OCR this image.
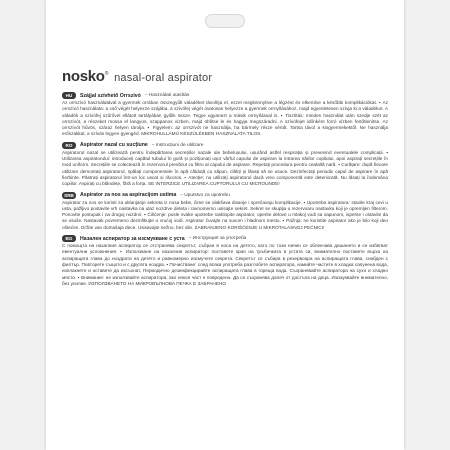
nosko® nasal-oral aspirator
HU	Szájjal szívhető Orrszívó – Használati utasítás

Az orrszívó használatával a gyermek orrában összegyűlt váladéket távolítja el, ezzel megkönnyítve a légzést és elkerülve a későbbi komplikációkat. ▪ Az orrszívó használata: a cső végét helyezze szájába, a szívófej végét óvatosan helyezze a gyermek orrnyílásához, majd egyenletesen szívja ki a váladékot. A váladék a szívófej szűrővel ellátott tartályában gyűlik össze. Tegye ugyanezt a másik orrnyílással is. ▪ Tisztítás: minden használat után szedje szét az orrszívót, a részeket mossa el langyos, szappanos vízben, majd öblítse le és hagyja megszáradni. A szívófejet időnként forró vízben fertőtlenítse. Az orrszívót hűvös, száraz helyen tárolja. ▪ Figyelem: az orrszívót ne használja, ha bármely része sérült. Tartsa távol a kisgyermekektől. Ne használja erőszakkal, a szívás legyen gyengéd. MIKROHULLÁMÚ KÉSZÜLÉKBEN HASZNÁLATA TILOS.

RO	Aspirator nazal cu sucțiune – Instrucțiuni de utilizare

Aspiratorul nazal se utilizează pentru îndepărtarea secrețiilor nazale ale bebelușului, ușurând astfel respirația și prevenind eventualele complicații. ▪ Utilizarea aspiratorului: introduceți capătul tubului în gură și poziționați ușor vârful capului de aspirare la intrarea nărilor copilului, apoi aspirați secrețiile în mod uniform. Secrețiile se colectează în rezervorul prevăzut cu filtru al capului de aspirare. Repetați procedura pentru cealaltă nară. ▪ Curățare: după fiecare utilizare demontați aspiratorul, spălați componentele în apă călduță cu săpun, clătiți și lăsați să se usuce. Dezinfectați periodic capul de aspirare în apă fierbinte. Păstrați aspiratorul într-un loc uscat și răcoros. ▪ Atenție: nu utilizați aspiratorul dacă vreo componentă este deteriorată. Nu lăsați la îndemâna copiilor. Aspirați cu blândețe, fără a forța. SE INTERZICE UTILIZAREA CUPTORULUI CU MICROUNDE!

SRB	Aspirator za nos sa aspiracijom ustima – Uputstvo za upotrebu

Aspirator za nos se koristi za uklanjanje sekreta iz nosa bebe, čime se olakšava disanje i sprečavaju komplikacije. ▪ Upotreba aspiratora: stavite kraj cevi u usta, pažljivo postavite vrh nastavka na ulaz nozdrve deteta i ravnomerno usisajte sekret. Sekret se skuplja u rezervoaru nastavka koji je opremljen filterom. Ponovite postupak i na drugoj nozdrvi. ▪ Čišćenje: posle svake upotrebe rasklopite aspirator, operite delove u mlakoj vodi sa sapunom, isperite i ostavite da se osuše. Nastavak povremeno dezinfikujte u vrućoj vodi. Aspirator čuvajte na suvom i hladnom mestu. ▪ Pažnja: ne koristite aspirator ako je bilo koji deo oštećen. Držite van domašaja dece. Usisavajte nežno, bez sile. ZABRANJENO KORIŠĆENJE U MIKROTALASNOJ PEĆNICI!

BG	Назален аспиратор за изсмукване с уста – Инструкция за употреба

С помощта на назалния аспиратор се отстранява секретът, събран в носа на детето, като по този начин се облекчава дишането и се избягват евентуални усложнения. ▪ Използване на назалния аспиратор: поставете края на тръбичката в устата си, внимателно поставете върха на аспиращата глава до ноздрата на детето и равномерно изсмучете секрета. Секретът се събира в резервоара на аспиращата глава, снабден с филтър. Повторете същото и с другата ноздра. ▪ Почистване: след всяка употреба разглобете аспиратора, измийте частите в хладка сапунена вода, изплакнете и оставете да изсъхнат. Периодично дезинфекцирайте аспиращата глава в гореща вода. Съхранявайте аспиратора на сухо и хладно място. ▪ Внимание: не използвайте аспиратора, ако някоя част е повредена. Да се съхранява далеч от достъпа на деца. Изсмуквайте внимателно, без усилие. ИЗПОЛЗВАНЕТО НА МИКРОВЪЛНОВА ПЕЧКА Е ЗАБРАНЕНО
